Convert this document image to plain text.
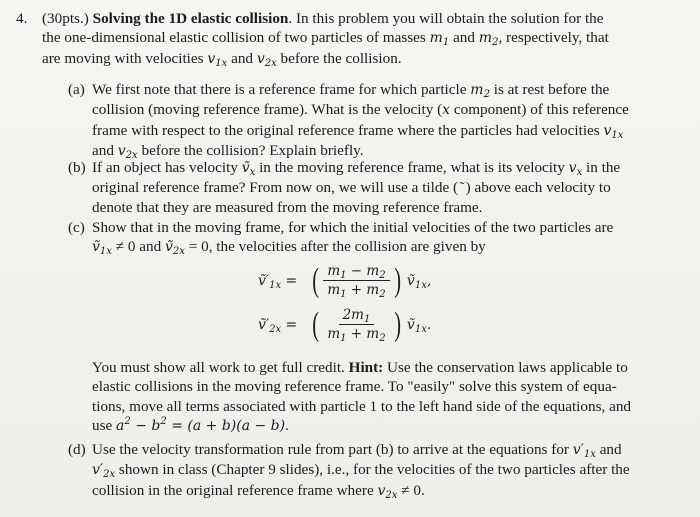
4. (30pts.) Solving the 1D elastic collision. In this problem you will obtain the solution for the
the one-dimensional elastic collision of two particles of masses $m_1$ and $m_2$, respectively, that
are moving with velocities $v_{1x}$ and $v_{2x}$ before the collision.
(a) We first note that there is a reference frame for which particle $m_2$ is at rest before the
collision (moving reference frame). What is the velocity (x component) of this reference
frame with respect to the original reference frame where the particles had velocities $v_{1x}$
and $v_{2x}$ before the collision? Explain briefly.
(b) If an object has velocity ṽ$_x$ in the moving reference frame, what is its velocity $v_x$ in the
original reference frame? From now on, we will use a tilde ( ˜ ) above each velocity to
denote that they are measured from the moving reference frame.
(c) Show that in the moving frame, for which the initial velocities of the two particles are
ṽ$_{1x}$ ≠ 0 and ṽ$_{2x}$ = 0, the velocities after the collision are given by
$ṽ'_{1x}$ = ( $\frac{m_1 - m_2}{m_1 + m_2}$ ) ṽ$_{1x}$,
$ṽ'_{2x}$ = ( $\frac{2m_1}{m_1 + m_2}$ ) ṽ$_{1x}$.
You must show all work to get full credit. Hint: Use the conservation laws applicable to
elastic collisions in the moving reference frame. To "easily" solve this system of equa-
tions, move all terms associated with particle 1 to the left hand side of the equations, and
use $a^2 - b^2 = (a + b)(a - b)$.
(d) Use the velocity transformation rule from part (b) to arrive at the equations for $v'_{1x}$ and
$v'_{2x}$ shown in class (Chapter 9 slides), i.e., for the velocities of the two particles after the
collision in the original reference frame where $v_{2x} \ne 0$.
